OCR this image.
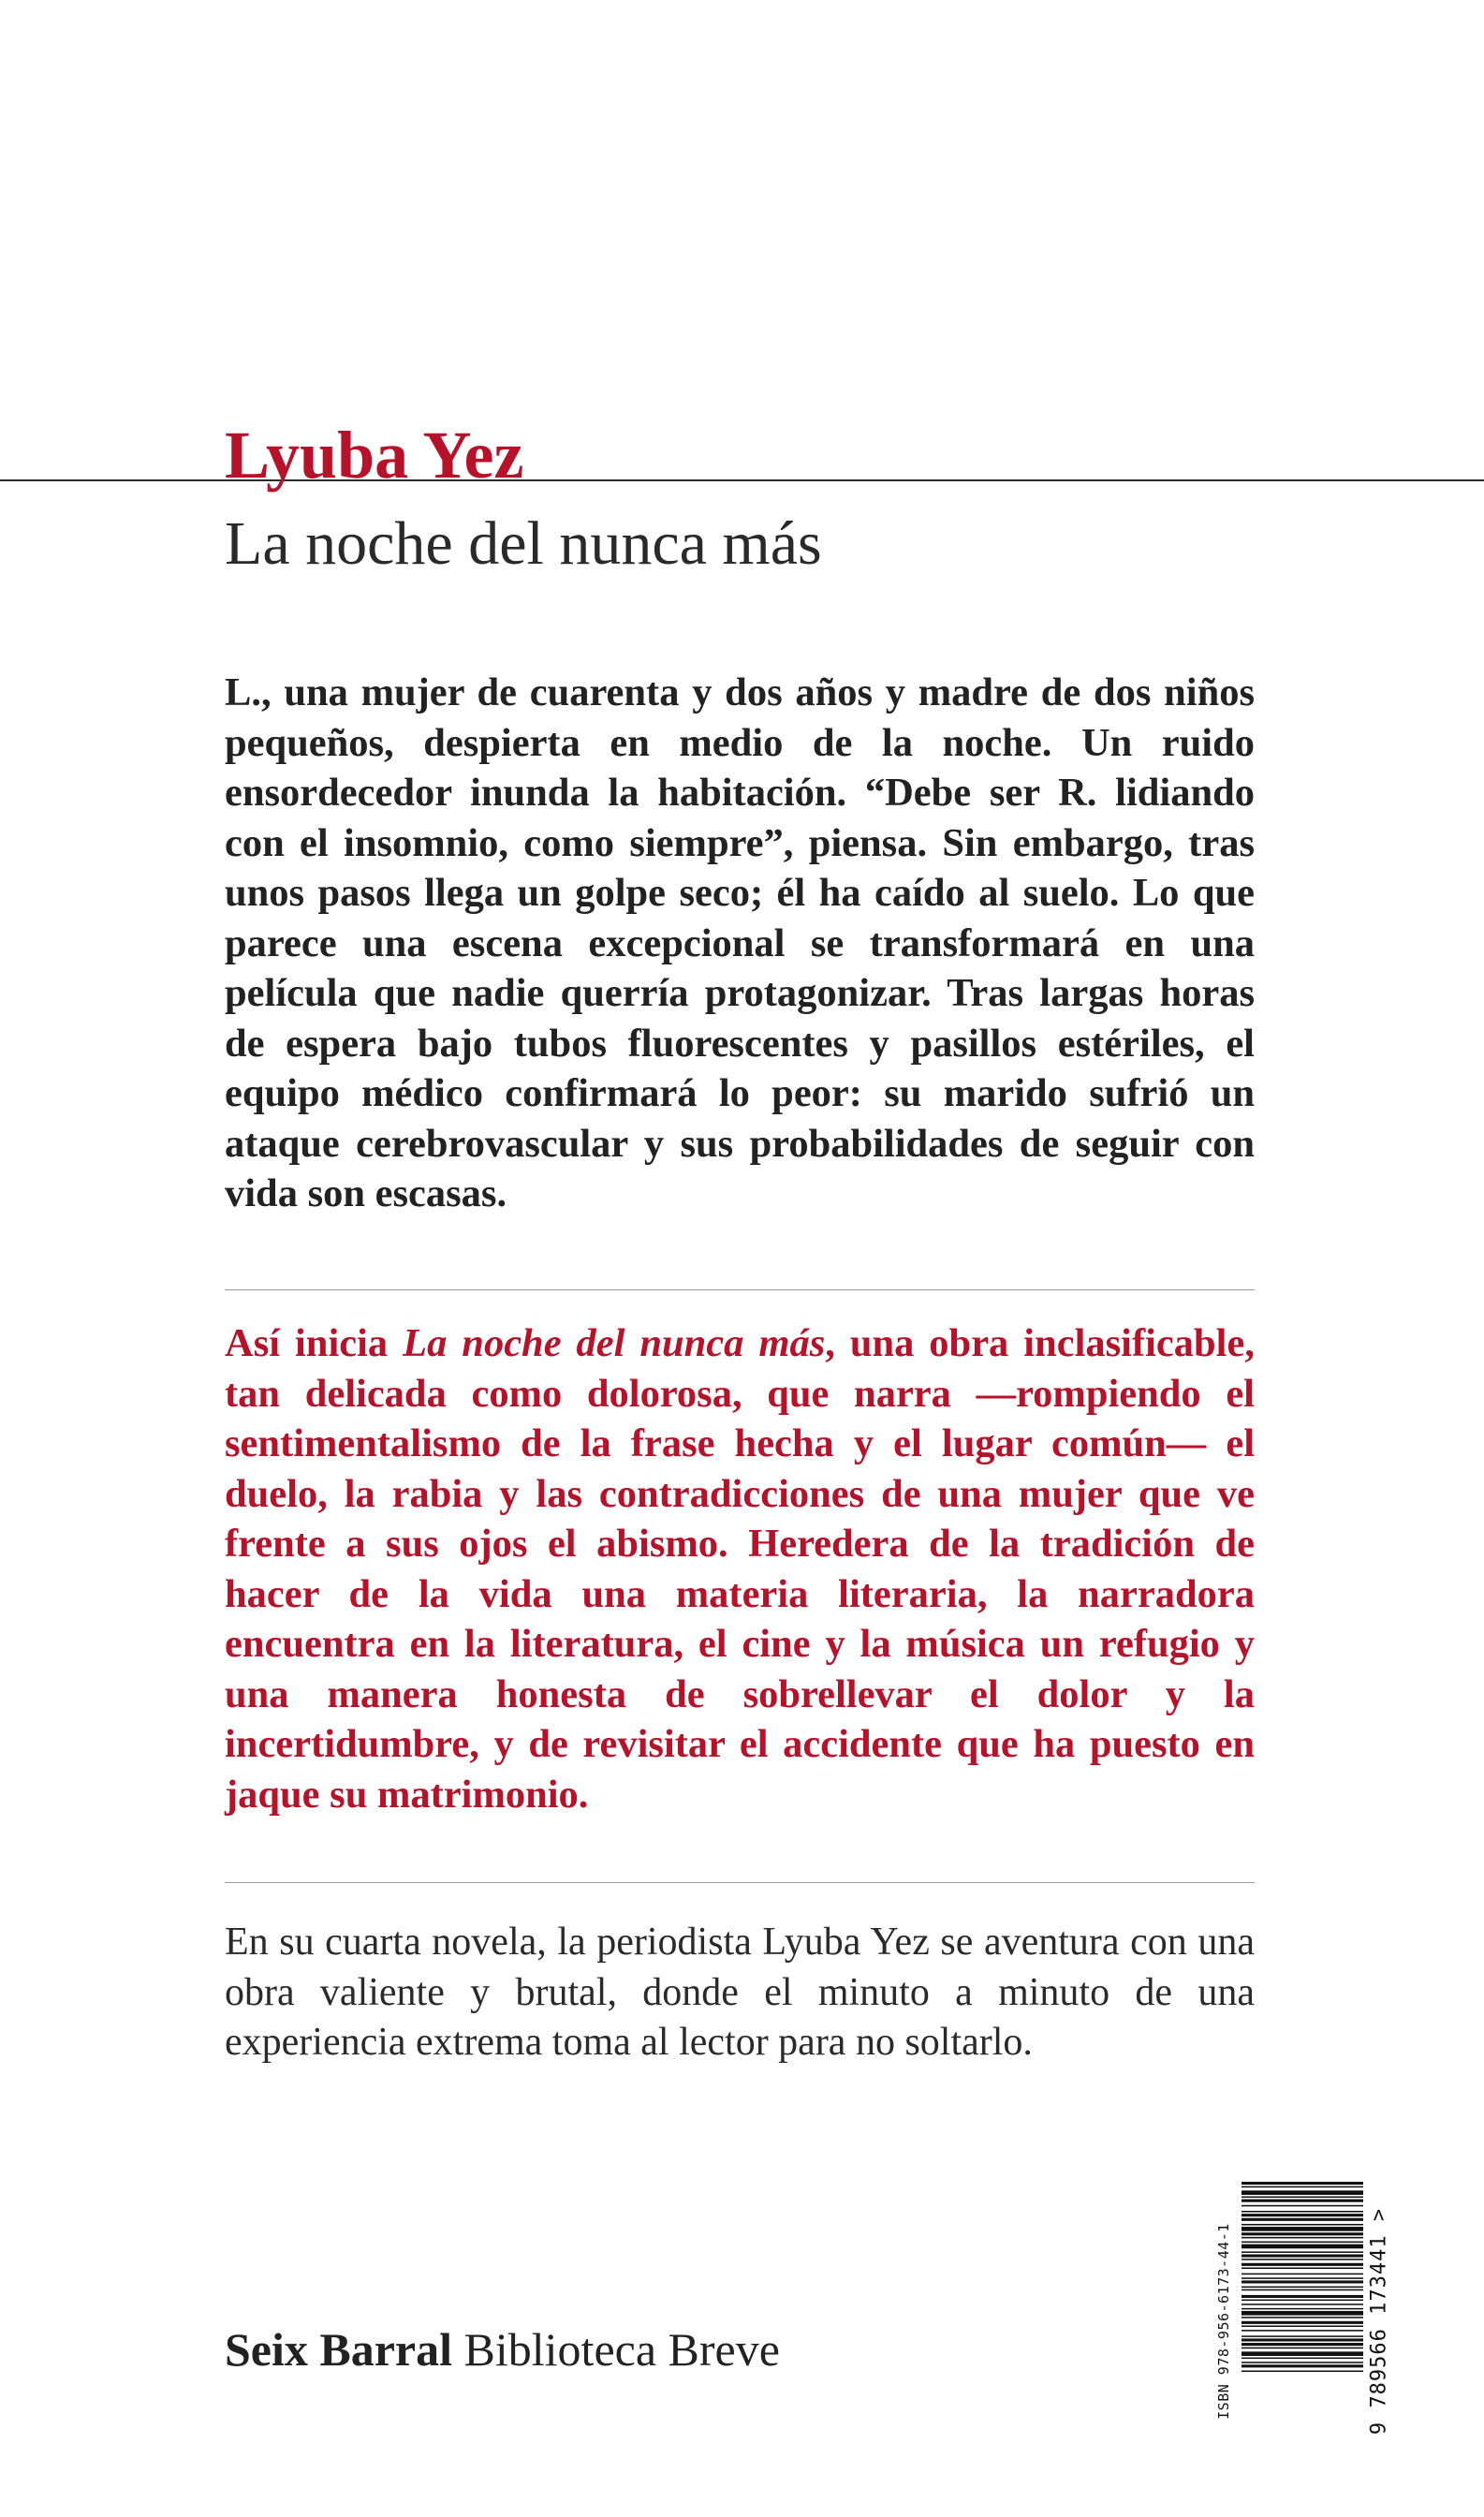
Lyuba Yez
La noche del nunca más

L., una mujer de cuarenta y dos años y madre de dos niños pequeños, despierta en medio de la noche. Un ruido ensordecedor inunda la habitación. “Debe ser R. lidiando con el insomnio, como siempre”, piensa. Sin embargo, tras unos pasos llega un golpe seco; él ha caído al suelo. Lo que parece una escena excepcional se transformará en una película que nadie querría protagonizar. Tras largas horas de espera bajo tubos fluorescentes y pasillos estériles, el equipo médico confirmará lo peor: su marido sufrió un ataque cerebrovascular y sus probabilidades de seguir con vida son escasas.

Así inicia La noche del nunca más, una obra inclasificable, tan delicada como dolorosa, que narra —rompiendo el sentimentalismo de la frase hecha y el lugar común— el duelo, la rabia y las contradicciones de una mujer que ve frente a sus ojos el abismo. Heredera de la tradición de hacer de la vida una materia literaria, la narradora encuentra en la literatura, el cine y la música un refugio y una manera honesta de sobrellevar el dolor y la incertidumbre, y de revisitar el accidente que ha puesto en jaque su matrimonio.

En su cuarta novela, la periodista Lyuba Yez se aventura con una obra valiente y brutal, donde el minuto a minuto de una experiencia extrema toma al lector para no soltarlo.

Seix Barral Biblioteca Breve	ISBN 978-956-6173-44-1	9 789566 173441 >
